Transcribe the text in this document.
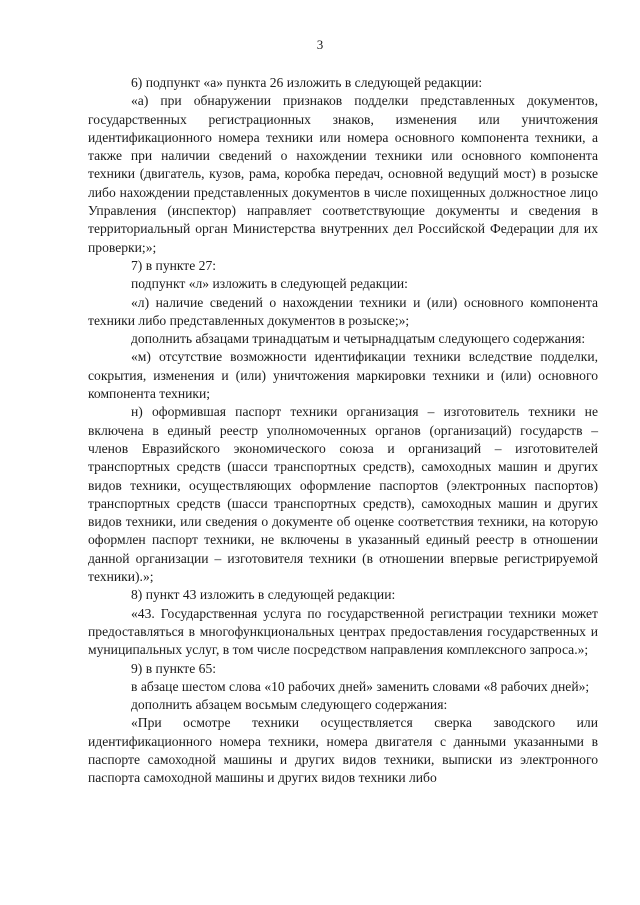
3

6) подпункт «а» пункта 26 изложить в следующей редакции:

«а) при обнаружении признаков подделки представленных документов, государственных регистрационных знаков, изменения или уничтожения идентификационного номера техники или номера основного компонента техники, а также при наличии сведений о нахождении техники или основного компонента техники (двигатель, кузов, рама, коробка передач, основной ведущий мост) в розыске либо нахождении представленных документов в числе похищенных должностное лицо Управления (инспектор) направляет соответствующие документы и сведения в территориальный орган Министерства внутренних дел Российской Федерации для их проверки;»;

7) в пункте 27:

подпункт «л» изложить в следующей редакции:

«л) наличие сведений о нахождении техники и (или) основного компонента техники либо представленных документов в розыске;»;

дополнить абзацами тринадцатым и четырнадцатым следующего содержания:

«м) отсутствие возможности идентификации техники вследствие подделки, сокрытия, изменения и (или) уничтожения маркировки техники и (или) основного компонента техники;

н) оформившая паспорт техники организация – изготовитель техники не включена в единый реестр уполномоченных органов (организаций) государств – членов Евразийского экономического союза и организаций – изготовителей транспортных средств (шасси транспортных средств), самоходных машин и других видов техники, осуществляющих оформление паспортов (электронных паспортов) транспортных средств (шасси транспортных средств), самоходных машин и других видов техники, или сведения о документе об оценке соответствия техники, на которую оформлен паспорт техники, не включены в указанный единый реестр в отношении данной организации – изготовителя техники (в отношении впервые регистрируемой техники).»;

8) пункт 43 изложить в следующей редакции:

«43. Государственная услуга по государственной регистрации техники может предоставляться в многофункциональных центрах предоставления государственных и муниципальных услуг, в том числе посредством направления комплексного запроса.»;

9) в пункте 65:

в абзаце шестом слова «10 рабочих дней» заменить словами «8 рабочих дней»;

дополнить абзацем восьмым следующего содержания:

«При осмотре техники осуществляется сверка заводского или идентификационного номера техники, номера двигателя с данными указанными в паспорте самоходной машины и других видов техники, выписки из электронного паспорта самоходной машины и других видов техники либо
